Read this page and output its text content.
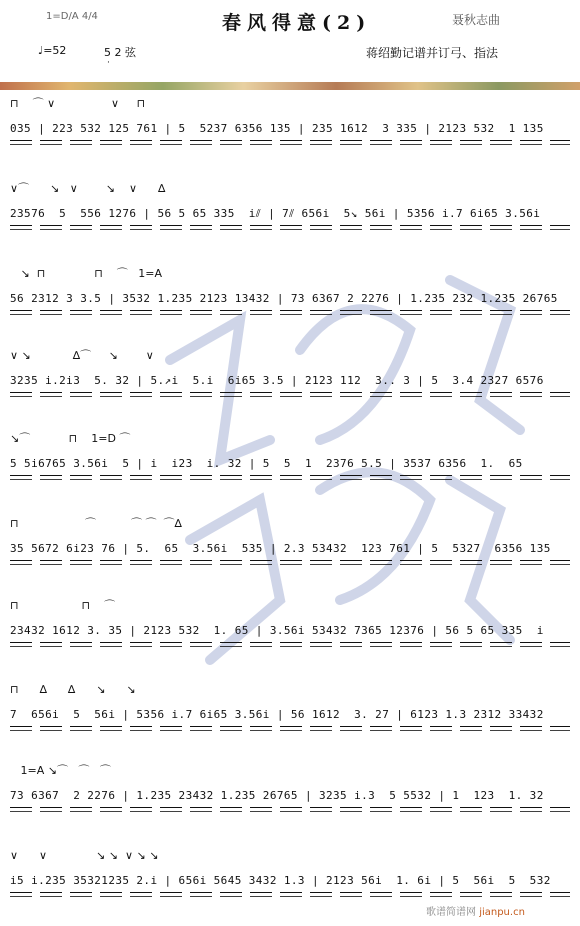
1=D/A 4/4	春风得意(2)	聂秋志曲
♩=52	5 2 弦
·
蒋绍勤记谱并订弓、指法
⊓    ⌒ ∨                ∨     ⊓
035 | 223 532 125 761 | 5  5237 6356 135 | 235 1612  3 335 | 2123 532  1 135
∨⌒      ↘   ∨        ↘    ∨      ∆
23576  5  556 1276 | 56 5 65 335  i⫽ | 7⫽ 656i  5↘ 56i | 5356 i.7 6i65 3.56i
↘  ⊓              ⊓    ⌒   1=A
56 2312 3 3.5 | 3532 1.235 2123 13432 | 73 6367 2 2276 | 1.235 232 1.235 26765
∨ ↘            ∆⌒     ↘        ∨
3235 i.2i3  5. 32 | 5.↗i  5.i  6i65 3.5 | 2123 112  3.. 3 | 5  3.4 2327 6576
↘⌒           ⊓    1=D ⌒
5 5i6765 3.56i  5 | i  i23  i. 32 | 5  5  1  2376 5.5 | 3537 6356  1.  65
⊓                   ⌒          ⌒ ⌒  ⌒∆
35 5672 6i23 76 | 5.  65  3.56i  535 | 2.3 53432  123 761 | 5  5327  6356 135
⊓                  ⊓    ⌒
23432 1612 3. 35 | 2123 532  1. 65 | 3.56i 53432 7365 12376 | 56 5 65 335  i
⊓      ∆      ∆      ↘      ↘
7  656i  5  56i | 5356 i.7 6i65 3.56i | 56 1612  3. 27 | 6123 1.3 2312 33432
1=A ↘⌒   ⌒   ⌒
73 6367  2 2276 | 1.235 23432 1.235 26765 | 3235 i.3  5 5532 | 1  123  1. 32
∨      ∨              ↘ ↘  ∨ ↘ ↘
i5 i.235 35321235 2.i | 656i 5645 3432 1.3 | 2123 56i  1. 6i | 5  56i  5  532
歌谱简谱网 jianpu.cn
